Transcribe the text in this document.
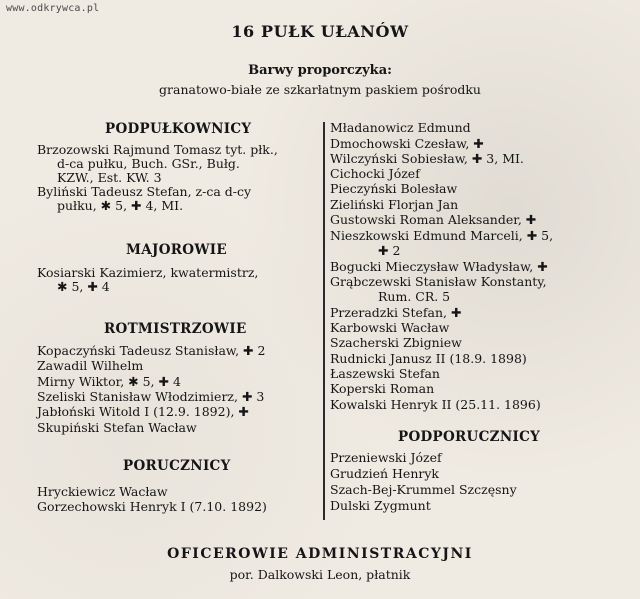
www.odkrywca.pl
16 PUŁK UŁANÓW
Barwy proporczyka:
granatowo-białe ze szkarłatnym paskiem pośrodku
PODPUŁKOWNICY
Brzozowski Rajmund Tomasz tyt. płk.,
d-ca pułku, Buch. GSr., Bułg.
KZW., Est. KW. 3
Byliński Tadeusz Stefan, z-ca d-cy
pułku, ✱ 5, ✚ 4, MI.
MAJOROWIE
Kosiarski Kazimierz, kwatermistrz,
✱ 5, ✚ 4
ROTMISTRZOWIE
Kopaczyński Tadeusz Stanisław, ✚ 2
Zawadil Wilhelm
Mirny Wiktor, ✱ 5, ✚ 4
Szeliski Stanisław Włodzimierz, ✚ 3
Jabłoński Witold I (12.9. 1892), ✚
Skupiński Stefan Wacław
PORUCZNICY
Hryckiewicz Wacław
Gorzechowski Henryk I (7.10. 1892)
Mładanowicz Edmund
Dmochowski Czesław, ✚
Wilczyński Sobiesław, ✚ 3, MI.
Cichocki Józef
Pieczyński Bolesław
Zieliński Florjan Jan
Gustowski Roman Aleksander, ✚
Nieszkowski Edmund Marceli, ✚ 5,
✚ 2
Bogucki Mieczysław Władysław, ✚
Grąbczewski Stanisław Konstanty,
Rum. CR. 5
Przeradzki Stefan, ✚
Karbowski Wacław
Szacherski Zbigniew
Rudnicki Janusz II (18.9. 1898)
Łaszewski Stefan
Koperski Roman
Kowalski Henryk II (25.11. 1896)
PODPORUCZNICY
Przeniewski Józef
Grudzień Henryk
Szach-Bej-Krummel Szczęsny
Dulski Zygmunt
OFICEROWIE ADMINISTRACYJNI
por. Dalkowski Leon, płatnik
